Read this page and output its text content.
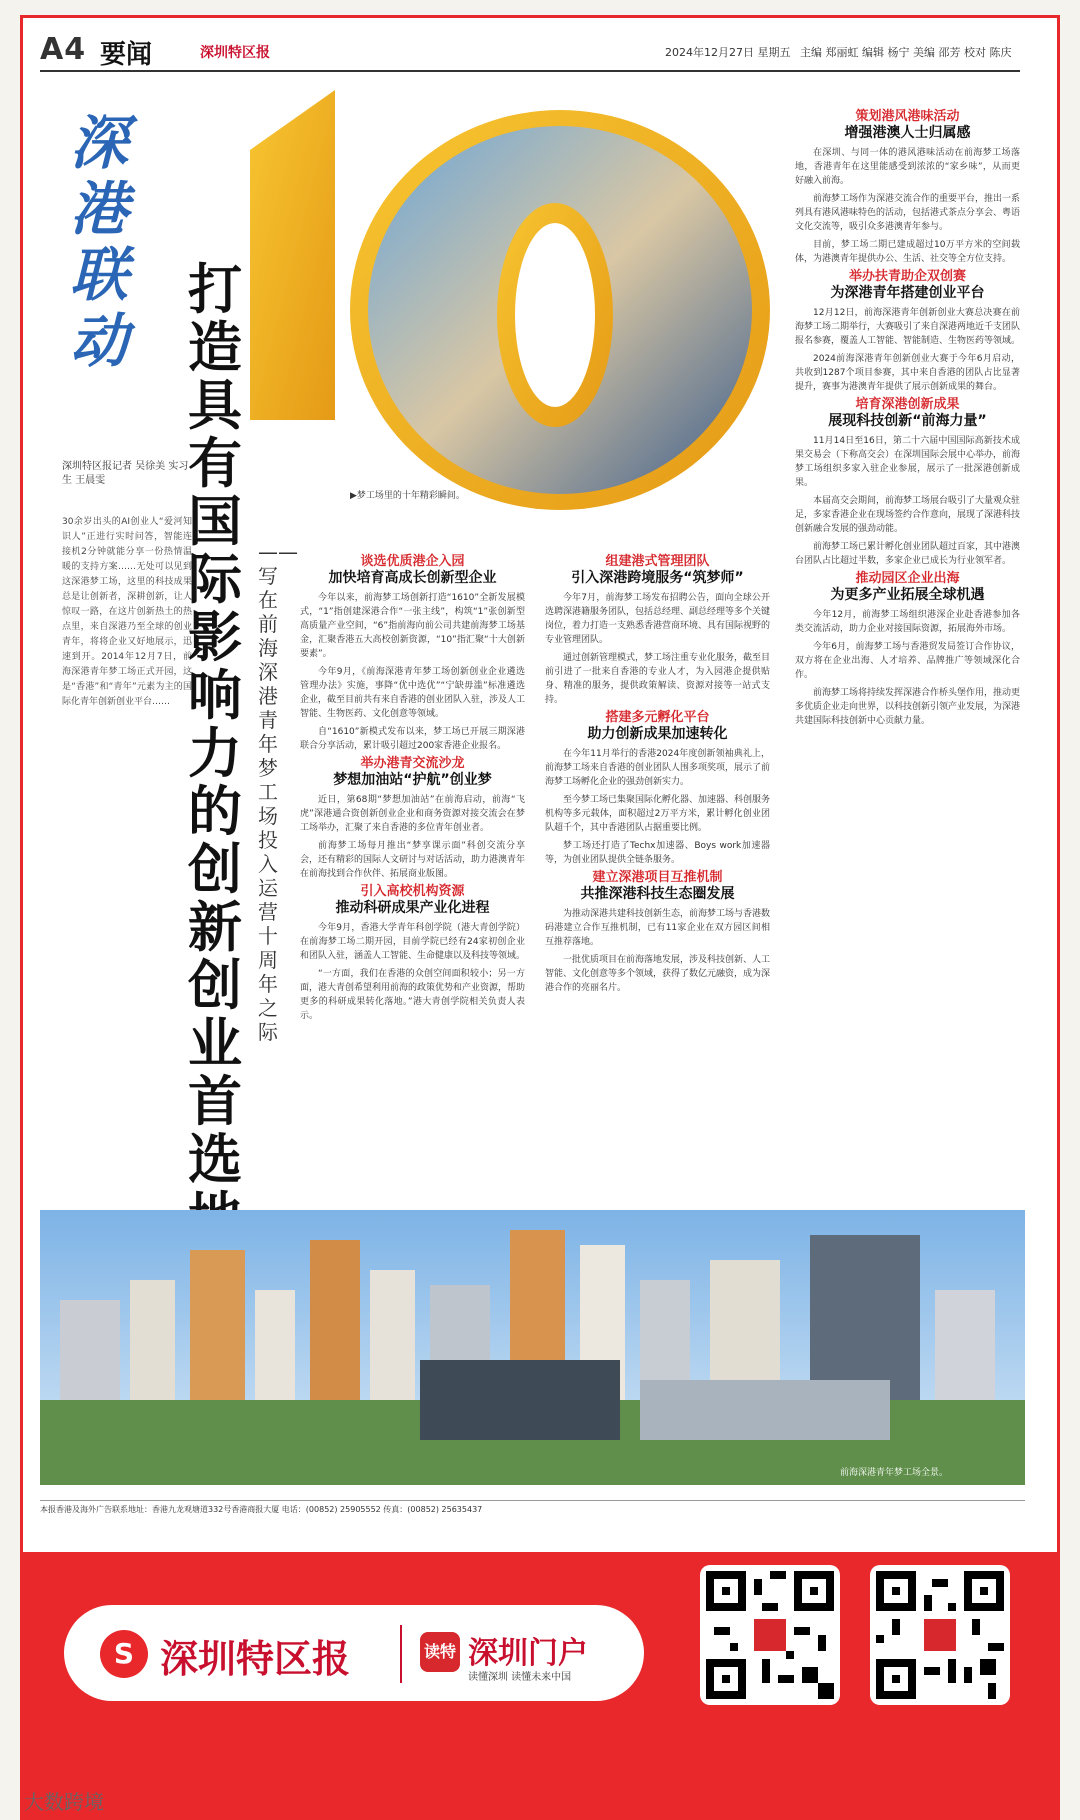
A4 要闻	深圳特区报	2024年12月27日 星期五 主编 郑丽虹 编辑 杨宁 美编 邵芳 校对 陈庆
深港联动
深圳特区报记者 吴徐美 实习生 王晨雯
30余岁出头的AI创业人“爱河知识人”正进行实时问答，智能连接机2分钟就能分享一份热情温暖的支持方案……无处可以见到这深港梦工场，这里的科技成果总是让创新者，深耕创新，让人惊叹一路，在这片创新热土的热点里，来自深港乃至全球的创业青年，将将企业又好地展示，迅速到开。2014年12月7日，前海深港青年梦工场正式开园，这是“香港”和“青年”元素为主的国际化青年创新创业平台……
▶梦工场里的十年精彩瞬间。
打造具有国际影响力的创新创业首选
——写在前海深港青年梦工场投入运营十周年之际
谈选优质港企入园
加快培育高成长创新型企业

今年以来，前海梦工场创新打造“1610”全新发展模式，“1”指创建深港合作“一张主线”，构筑“1”张创新型高质量产业空间，“6”指前海向前公司共建前海梦工场基金，汇聚香港五大高校创新资源，“10”指汇聚“十大创新要素”。

今年9月，《前海深港青年梦工场创新创业企业遴选管理办法》实施，事降“优中选优”“宁缺毋滥”标准遴选企业，截至目前共有来自香港的创业团队入驻，涉及人工智能、生物医药、文化创意等领域。

自“1610”新模式发布以来，梦工场已开展三期深港联合分享活动，累计吸引超过200家香港企业报名。

举办港青交流沙龙
梦想加油站“护航”创业梦

近日，第68期“梦想加油站”在前海启动，前海“飞虎”深港通合资创新创业企业和商务资源对接交流会在梦工场举办，汇聚了来自香港的多位青年创业者。

前海梦工场每月推出“梦享课示面”科创交流分享会，还有精彩的国际人文研讨与对话活动，助力港澳青年在前海找到合作伙伴、拓展商业版图。

引入高校机构资源
推动科研成果产业化进程

今年9月，香港大学青年科创学院（港大青创学院）在前海梦工场二期开园，目前学院已经有24家初创企业和团队入驻，涵盖人工智能、生命健康以及科技等领域。

“一方面，我们在香港的众创空间面积较小；另一方面，港大青创希望利用前海的政策优势和产业资源，帮助更多的科研成果转化落地。”港大青创学院相关负责人表示。

组建港式管理团队
引入深港跨境服务“筑梦师”

今年7月，前海梦工场发布招聘公告，面向全球公开选聘深港籍服务团队，包括总经理、副总经理等多个关键岗位，着力打造一支熟悉香港营商环境、具有国际视野的专业管理团队。

通过创新管理模式，梦工场注重专业化服务，截至目前引进了一批来自香港的专业人才，为入园港企提供贴身、精准的服务，提供政策解读、资源对接等一站式支持。

搭建多元孵化平台
助力创新成果加速转化

在今年11月举行的香港2024年度创新领袖典礼上，前海梦工场来自香港的创业团队人围多项奖项，展示了前海梦工场孵化企业的强劲创新实力。

至今梦工场已集聚国际化孵化器、加速器、科创服务机构等多元载体，面积超过2万平方米，累计孵化创业团队超千个，其中香港团队占据重要比例。

梦工场还打造了Techx加速器、Boys work加速器等，为创业团队提供全链条服务。

建立深港项目互推机制
共推深港科技生态圈发展

为推动深港共建科技创新生态，前海梦工场与香港数码港建立合作互推机制，已有11家企业在双方园区间相互推荐落地。

一批优质项目在前海落地发展，涉及科技创新、人工智能、文化创意等多个领域，获得了数亿元融资，成为深港合作的亮丽名片。

策划港风港味活动
增强港澳人士归属感

在深圳、与同一体的港风港味活动在前海梦工场落地，香港青年在这里能感受到浓浓的“家乡味”，从而更好融入前海。

前海梦工场作为深港交流合作的重要平台，推出一系列具有港风港味特色的活动，包括港式茶点分享会、粤语文化交流等，吸引众多港澳青年参与。

目前，梦工场二期已建成超过10万平方米的空间载体，为港澳青年提供办公、生活、社交等全方位支持。

举办扶青助企双创赛
为深港青年搭建创业平台

12月12日，前海深港青年创新创业大赛总决赛在前海梦工场二期举行，大赛吸引了来自深港两地近千支团队报名参赛，覆盖人工智能、智能制造、生物医药等领域。

2024前海深港青年创新创业大赛于今年6月启动，共收到1287个项目参赛，其中来自香港的团队占比显著提升，赛事为港澳青年提供了展示创新成果的舞台。

培育深港创新成果
展现科技创新“前海力量”

11月14日至16日，第二十六届中国国际高新技术成果交易会（下称高交会）在深圳国际会展中心举办，前海梦工场组织多家入驻企业参展，展示了一批深港创新成果。

本届高交会期间，前海梦工场展台吸引了大量观众驻足，多家香港企业在现场签约合作意向，展现了深港科技创新融合发展的强劲动能。

前海梦工场已累计孵化创业团队超过百家，其中港澳台团队占比超过半数，多家企业已成长为行业领军者。

推动园区企业出海
为更多产业拓展全球机遇

今年12月，前海梦工场组织港深企业赴香港参加各类交流活动，助力企业对接国际资源，拓展海外市场。

今年6月，前海梦工场与香港贸发局签订合作协议，双方将在企业出海、人才培养、品牌推广等领域深化合作。

前海梦工场将持续发挥深港合作桥头堡作用，推动更多优质企业走向世界，以科技创新引领产业发展，为深港共建国际科技创新中心贡献力量。

前海深港青年梦工场全景。
本报香港及海外广告联系地址：香港九龙观塘道332号香港商报大厦 电话：(00852) 25905552 传真：(00852) 25635437
S 深圳特区报	读特 深圳门户
读懂深圳 读懂未来中国
大数跨境
